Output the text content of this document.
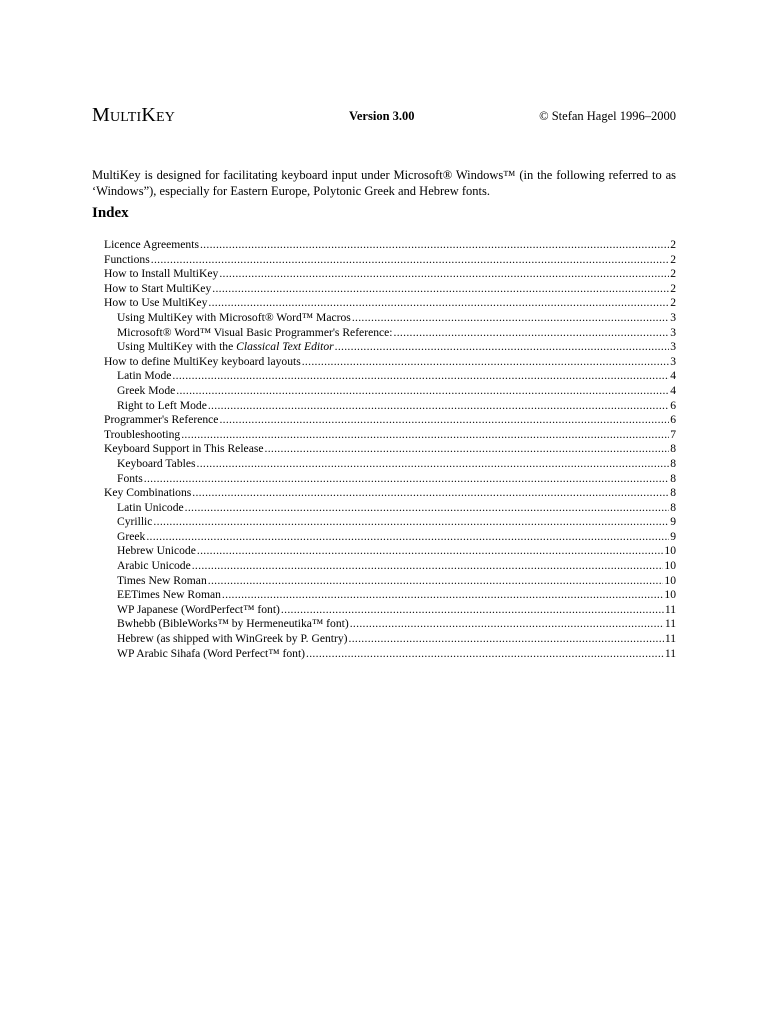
MultiKey	Version 3.00	© Stefan Hagel 1996–2000

MultiKey is designed for facilitating keyboard input under Microsoft® Windows™ (in the following referred to as ‘Windows”), especially for Eastern Europe, Polytonic Greek and Hebrew fonts.

Index
Licence Agreements .....	2
Functions .....	2
How to Install MultiKey .....	2
How to Start MultiKey .....	2
How to Use MultiKey .....	2
Using MultiKey with Microsoft® Word™ Macros .....	3
Microsoft® Word™ Visual Basic Programmer's Reference: .....	3
Using MultiKey with the Classical Text Editor .....	3
How to define MultiKey keyboard layouts .....	3
Latin Mode .....	4
Greek Mode .....	4
Right to Left Mode .....	6
Programmer's Reference .....	6
Troubleshooting .....	7
Keyboard Support in This Release .....	8
Keyboard Tables .....	8
Fonts .....	8
Key Combinations .....	8
Latin Unicode .....	8
Cyrillic .....	9
Greek .....	9
Hebrew Unicode .....	10
Arabic Unicode .....	10
Times New Roman .....	10
EETimes New Roman .....	10
WP Japanese (WordPerfect™ font) .....	11
Bwhebb (BibleWorks™ by Hermeneutika™ font) .....	11
Hebrew (as shipped with WinGreek by P. Gentry) .....	11
WP Arabic Sihafa (Word Perfect™ font) .....	11
